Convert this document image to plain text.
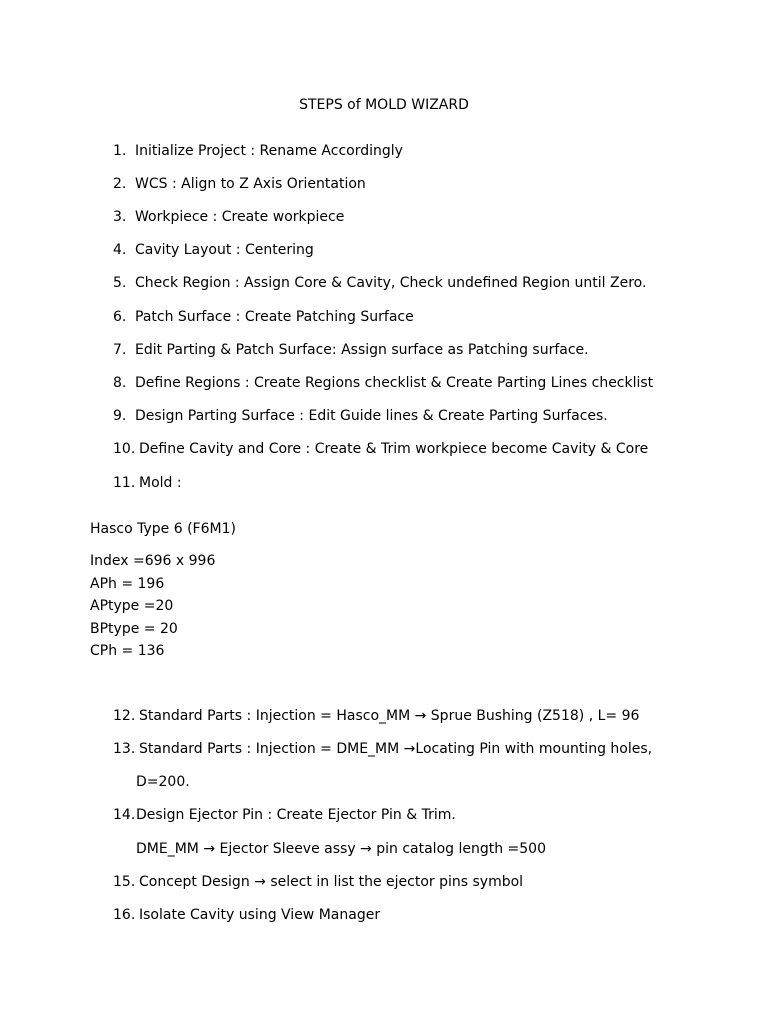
STEPS of MOLD WIZARD
1. Initialize Project : Rename Accordingly
2. WCS : Align to Z Axis Orientation
3. Workpiece : Create workpiece
4. Cavity Layout : Centering
5. Check Region : Assign Core & Cavity, Check undefined Region until Zero.
6. Patch Surface : Create Patching Surface
7. Edit Parting & Patch Surface: Assign surface as Patching surface.
8. Define Regions : Create Regions checklist & Create Parting Lines checklist
9. Design Parting Surface : Edit Guide lines & Create Parting Surfaces.
10. Define Cavity and Core : Create & Trim workpiece become Cavity & Core
11. Mold :
Hasco Type 6 (F6M1)
Index =696 x 996
APh = 196
APtype =20
BPtype = 20
CPh = 136
12. Standard Parts : Injection = Hasco_MM → Sprue Bushing (Z518) , L= 96
13. Standard Parts : Injection = DME_MM →Locating Pin with mounting holes,
D=200.
14.Design Ejector Pin : Create Ejector Pin & Trim.
DME_MM → Ejector Sleeve assy → pin catalog length =500
15. Concept Design → select in list the ejector pins symbol
16. Isolate Cavity using View Manager
